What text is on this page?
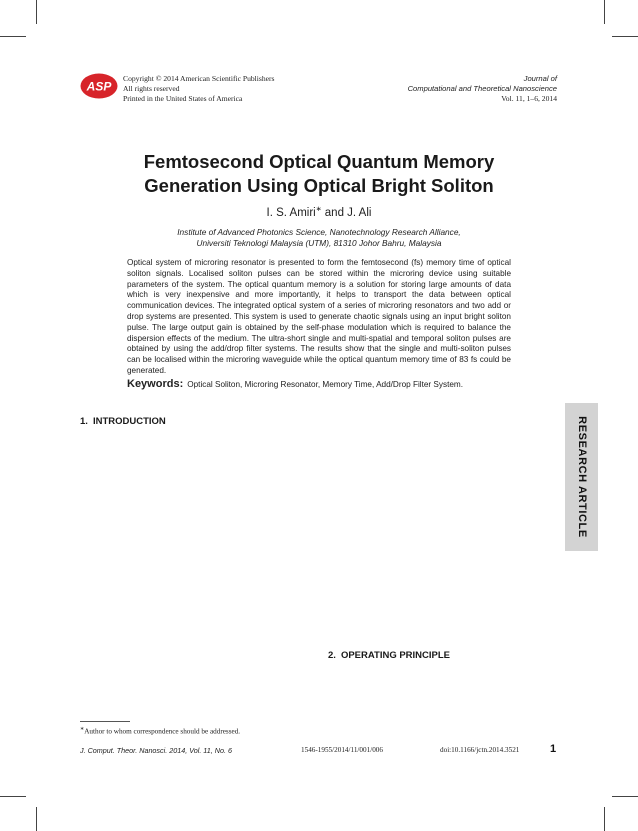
ASP
Copyright © 2014 American Scientific Publishers
All rights reserved
Printed in the United States of America
Journal of
Computational and Theoretical Nanoscience
Vol. 11, 1–6, 2014
Femtosecond Optical Quantum Memory
Generation Using Optical Bright Soliton
I. S. Amiri∗ and J. Ali
Institute of Advanced Photonics Science, Nanotechnology Research Alliance,
Universiti Teknologi Malaysia (UTM), 81310 Johor Bahru, Malaysia
Optical system of microring resonator is presented to form the femtosecond (fs) memory time of optical soliton signals. Localised soliton pulses can be stored within the microring device using suitable parameters of the system. The optical quantum memory is a solution for storing large amounts of data which is very inexpensive and more importantly, it helps to transport the data between optical communication devices. The integrated optical system of a series of microring resonators and two add or drop systems are presented. This system is used to generate chaotic signals using an input bright soliton pulse. The large output gain is obtained by the self-phase modulation which is required to balance the dispersion effects of the medium. The ultra-short single and multi-spatial and temporal soliton pulses are obtained by using the add/drop filter systems. The results show that the single and multi-soliton pulses can be localised within the microring waveguide while the optical quantum memory time of 83 fs could be generated.
Keywords: Optical Soliton, Microring Resonator, Memory Time, Add/Drop Filter System.
1. INTRODUCTION
2. OPERATING PRINCIPLE
RESEARCH ARTICLE
∗Author to whom correspondence should be addressed.
J. Comput. Theor. Nanosci. 2014, Vol. 11, No. 6	1546-1955/2014/11/001/006	doi:10.1166/jctn.2014.3521	1
